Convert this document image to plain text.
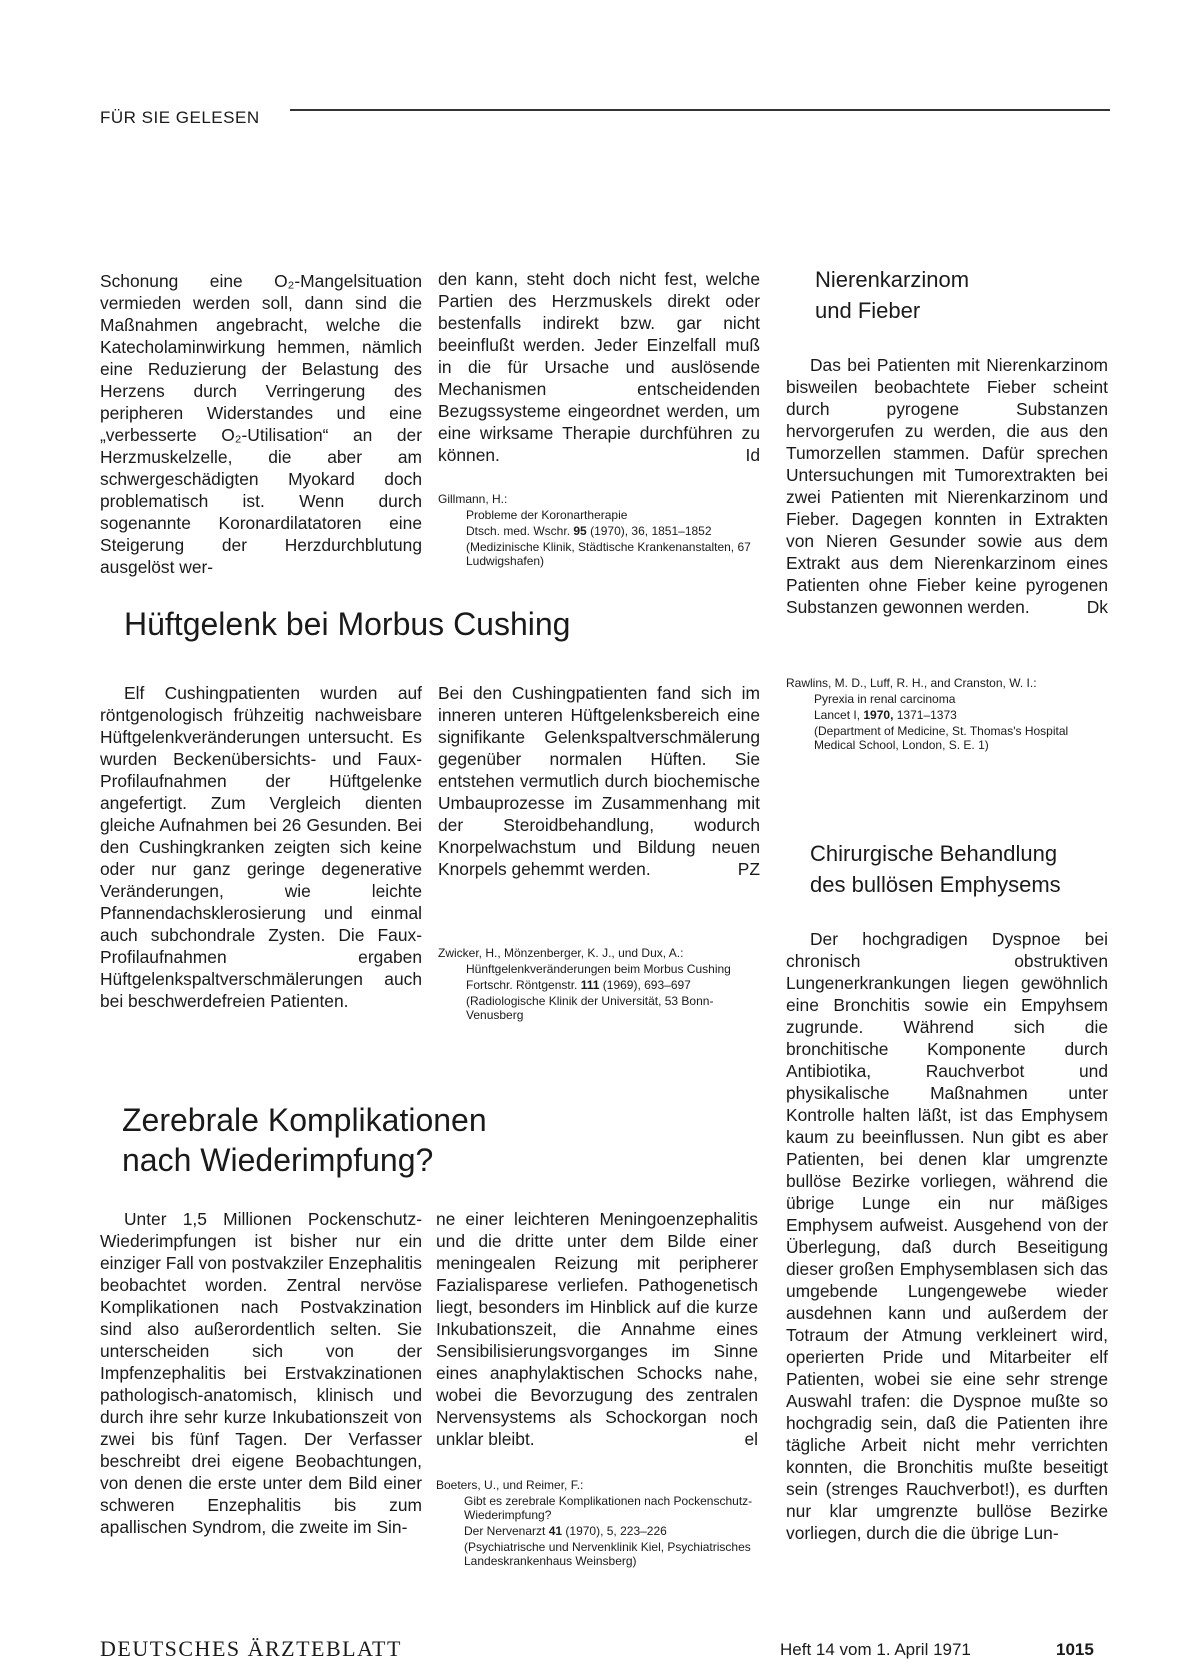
FÜR SIE GELESEN

Schonung eine O₂-Mangelsituation vermieden werden soll, dann sind die Maßnahmen angebracht, welche die Katecholaminwirkung hemmen, nämlich eine Reduzierung der Belastung des Herzens durch Verringerung des peripheren Widerstandes und eine „verbesserte O₂-Utilisation“ an der Herzmuskelzelle, die aber am schwergeschädigten Myokard doch problematisch ist. Wenn durch sogenannte Koronardilatatoren eine Steigerung der Herzdurchblutung ausgelöst wer-

den kann, steht doch nicht fest, welche Partien des Herzmuskels direkt oder bestenfalls indirekt bzw. gar nicht beeinflußt werden. Jeder Einzelfall muß in die für Ursache und auslösende Mechanismen entscheidenden Bezugssysteme eingeordnet werden, um eine wirksame Therapie durchführen zu können.	Id

Gillmann, H.:

Probleme der Koronartherapie

Dtsch. med. Wschr. 95 (1970), 36, 1851–1852

(Medizinische Klinik, Städtische Krankenanstalten, 67 Ludwigshafen)

Hüftgelenk bei Morbus Cushing

Elf Cushingpatienten wurden auf röntgenologisch frühzeitig nachweisbare Hüftgelenkveränderungen untersucht. Es wurden Beckenübersichts- und Faux-Profilaufnahmen der Hüftgelenke angefertigt. Zum Vergleich dienten gleiche Aufnahmen bei 26 Gesunden. Bei den Cushingkranken zeigten sich keine oder nur ganz geringe degenerative Veränderungen, wie leichte Pfannendachsklerosierung und einmal auch subchondrale Zysten. Die Faux-Profilaufnahmen ergaben Hüftgelenkspaltverschmälerungen auch bei beschwerdefreien Patienten.

Bei den Cushingpatienten fand sich im inneren unteren Hüftgelenksbereich eine signifikante Gelenkspaltverschmälerung gegenüber normalen Hüften. Sie entstehen vermutlich durch biochemische Umbauprozesse im Zusammenhang mit der Steroidbehandlung, wodurch Knorpelwachstum und Bildung neuen Knorpels gehemmt werden.	PZ

Zwicker, H., Mönzenberger, K. J., und Dux, A.:

Hünftgelenkveränderungen beim Morbus Cushing

Fortschr. Röntgenstr. 111 (1969), 693–697

(Radiologische Klinik der Universität, 53 Bonn-Venusberg

Zerebrale Komplikationen
nach Wiederimpfung?

Unter 1,5 Millionen Pockenschutz-Wiederimpfungen ist bisher nur ein einziger Fall von postvakziler Enzephalitis beobachtet worden. Zentral nervöse Komplikationen nach Postvakzination sind also außerordentlich selten. Sie unterscheiden sich von der Impfenzephalitis bei Erstvakzinationen pathologisch-anatomisch, klinisch und durch ihre sehr kurze Inkubationszeit von zwei bis fünf Tagen. Der Verfasser beschreibt drei eigene Beobachtungen, von denen die erste unter dem Bild einer schweren Enzephalitis bis zum apallischen Syndrom, die zweite im Sin-

ne einer leichteren Meningoenzephalitis und die dritte unter dem Bilde einer meningealen Reizung mit peripherer Fazialisparese verliefen. Pathogenetisch liegt, besonders im Hinblick auf die kurze Inkubationszeit, die Annahme eines Sensibilisierungsvorganges im Sinne eines anaphylaktischen Schocks nahe, wobei die Bevorzugung des zentralen Nervensystems als Schockorgan noch unklar bleibt.	el

Boeters, U., und Reimer, F.:

Gibt es zerebrale Komplikationen nach Pockenschutz-Wiederimpfung?

Der Nervenarzt 41 (1970), 5, 223–226

(Psychiatrische und Nervenklinik Kiel, Psychiatrisches Landeskrankenhaus Weinsberg)

Nierenkarzinom
und Fieber

Das bei Patienten mit Nierenkarzinom bisweilen beobachtete Fieber scheint durch pyrogene Substanzen hervorgerufen zu werden, die aus den Tumorzellen stammen. Dafür sprechen Untersuchungen mit Tumorextrakten bei zwei Patienten mit Nierenkarzinom und Fieber. Dagegen konnten in Extrakten von Nieren Gesunder sowie aus dem Extrakt aus dem Nierenkarzinom eines Patienten ohne Fieber keine pyrogenen Substanzen gewonnen werden.	Dk

Rawlins, M. D., Luff, R. H., and Cranston, W. I.:

Pyrexia in renal carcinoma

Lancet I, 1970, 1371–1373

(Department of Medicine, St. Thomas's Hospital Medical School, London, S. E. 1)

Chirurgische Behandlung
des bullösen Emphysems

Der hochgradigen Dyspnoe bei chronisch obstruktiven Lungenerkrankungen liegen gewöhnlich eine Bronchitis sowie ein Empyhsem zugrunde. Während sich die bronchitische Komponente durch Antibiotika, Rauchverbot und physikalische Maßnahmen unter Kontrolle halten läßt, ist das Emphysem kaum zu beeinflussen. Nun gibt es aber Patienten, bei denen klar umgrenzte bullöse Bezirke vorliegen, während die übrige Lunge ein nur mäßiges Emphysem aufweist. Ausgehend von der Überlegung, daß durch Beseitigung dieser großen Emphysemblasen sich das umgebende Lungengewebe wieder ausdehnen kann und außerdem der Totraum der Atmung verkleinert wird, operierten Pride und Mitarbeiter elf Patienten, wobei sie eine sehr strenge Auswahl trafen: die Dyspnoe mußte so hochgradig sein, daß die Patienten ihre tägliche Arbeit nicht mehr verrichten konnten, die Bronchitis mußte beseitigt sein (strenges Rauchverbot!), es durften nur klar umgrenzte bullöse Bezirke vorliegen, durch die die übrige Lun-

DEUTSCHES ÄRZTEBLATT	Heft 14 vom 1. April 1971	1015
